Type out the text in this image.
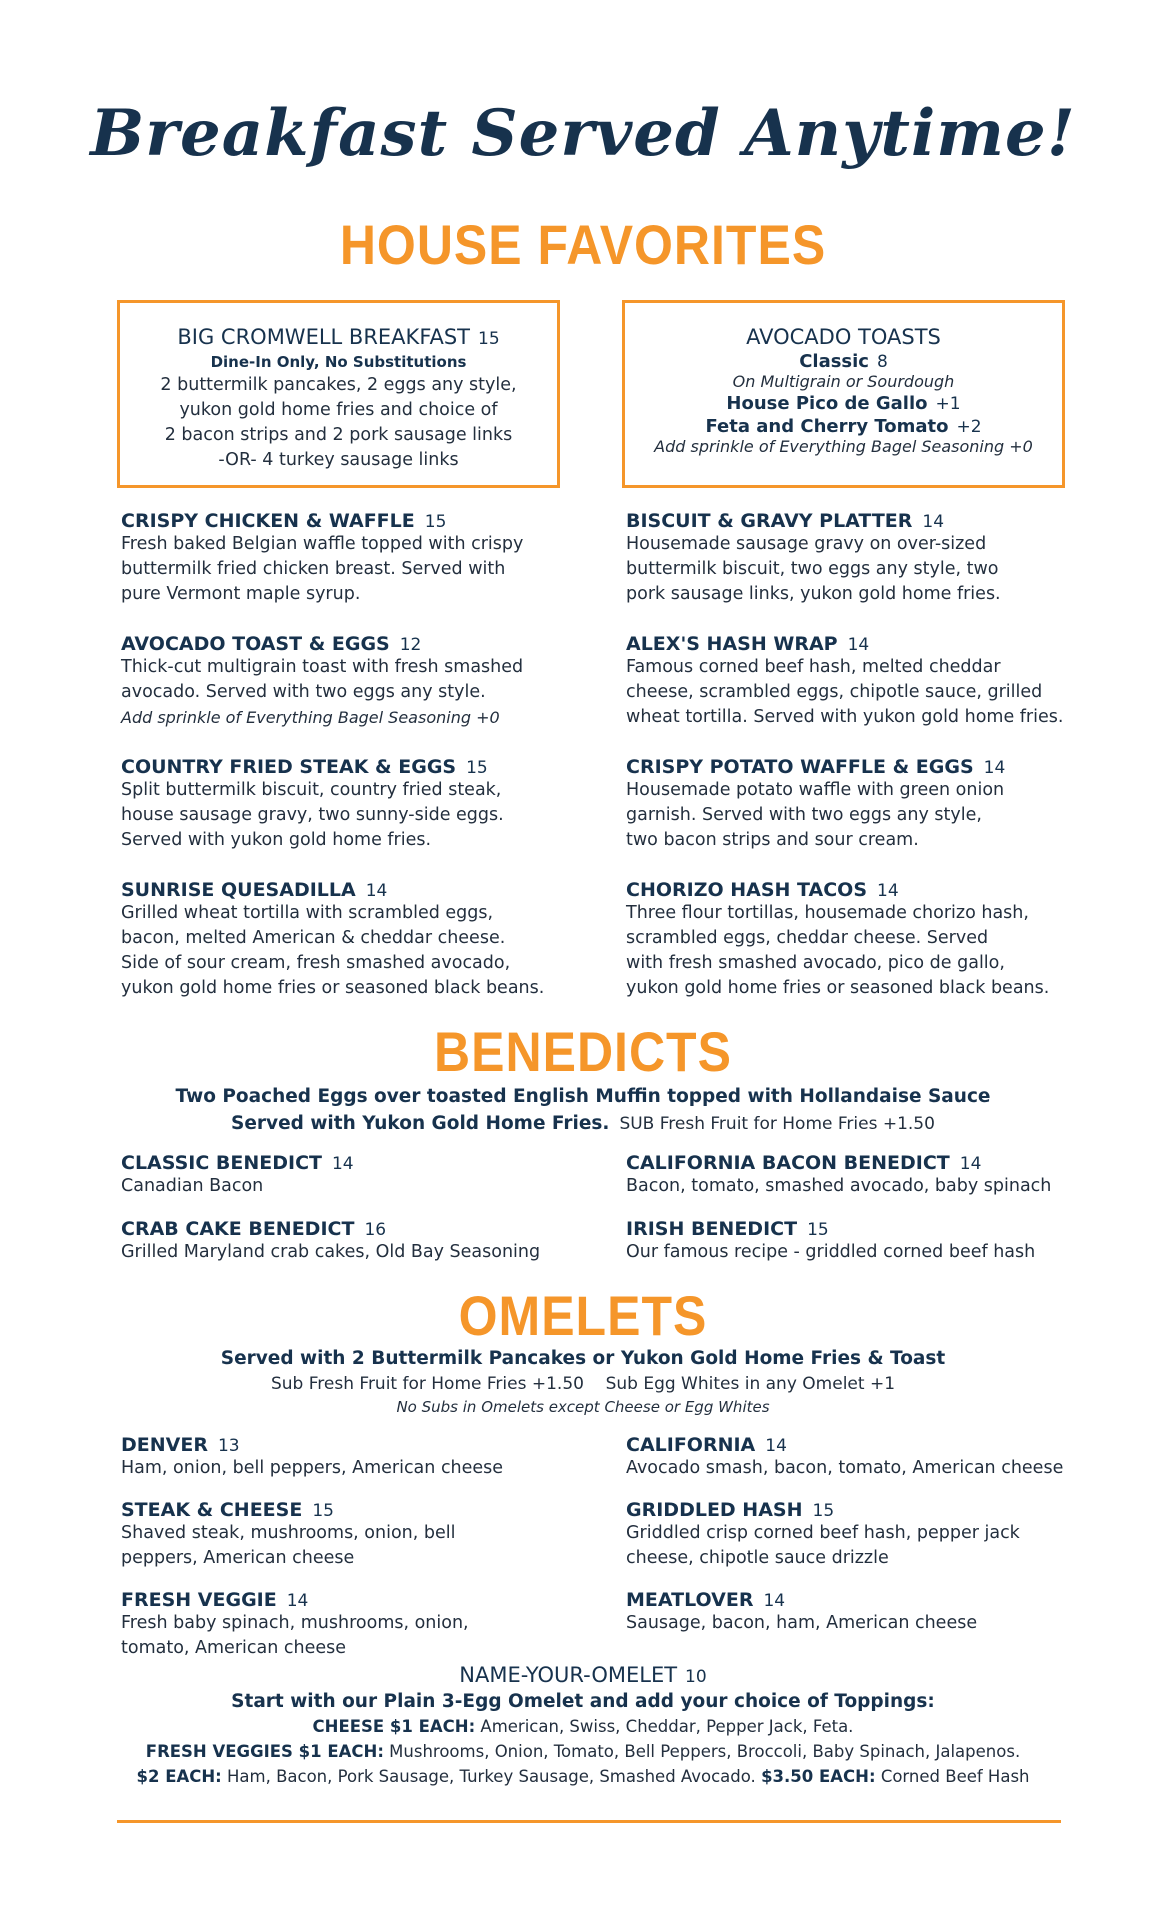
Breakfast Served Anytime!
HOUSE FAVORITES
BIG CROMWELL BREAKFAST 15
Dine-In Only, No Substitutions
2 buttermilk pancakes, 2 eggs any style,
yukon gold home fries and choice of
2 bacon strips and 2 pork sausage links
-OR- 4 turkey sausage links
AVOCADO TOASTS
Classic 8
On Multigrain or Sourdough
House Pico de Gallo +1
Feta and Cherry Tomato +2
Add sprinkle of Everything Bagel Seasoning +0
CRISPY CHICKEN & WAFFLE 15
Fresh baked Belgian waffle topped with crispy
buttermilk fried chicken breast. Served with
pure Vermont maple syrup.
BISCUIT & GRAVY PLATTER 14
Housemade sausage gravy on over-sized
buttermilk biscuit, two eggs any style, two
pork sausage links, yukon gold home fries.
AVOCADO TOAST & EGGS 12
Thick-cut multigrain toast with fresh smashed
avocado. Served with two eggs any style.
Add sprinkle of Everything Bagel Seasoning +0
ALEX'S HASH WRAP 14
Famous corned beef hash, melted cheddar
cheese, scrambled eggs, chipotle sauce, grilled
wheat tortilla. Served with yukon gold home fries.
COUNTRY FRIED STEAK & EGGS 15
Split buttermilk biscuit, country fried steak,
house sausage gravy, two sunny-side eggs.
Served with yukon gold home fries.
CRISPY POTATO WAFFLE & EGGS 14
Housemade potato waffle with green onion
garnish. Served with two eggs any style,
two bacon strips and sour cream.
SUNRISE QUESADILLA 14
Grilled wheat tortilla with scrambled eggs,
bacon, melted American & cheddar cheese.
Side of sour cream, fresh smashed avocado,
yukon gold home fries or seasoned black beans.
CHORIZO HASH TACOS 14
Three flour tortillas, housemade chorizo hash,
scrambled eggs, cheddar cheese. Served
with fresh smashed avocado, pico de gallo,
yukon gold home fries or seasoned black beans.
BENEDICTS
Two Poached Eggs over toasted English Muffin topped with Hollandaise Sauce
Served with Yukon Gold Home Fries. SUB Fresh Fruit for Home Fries +1.50
CLASSIC BENEDICT 14
Canadian Bacon
CALIFORNIA BACON BENEDICT 14
Bacon, tomato, smashed avocado, baby spinach
CRAB CAKE BENEDICT 16
Grilled Maryland crab cakes, Old Bay Seasoning
IRISH BENEDICT 15
Our famous recipe - griddled corned beef hash
OMELETS
Served with 2 Buttermilk Pancakes or Yukon Gold Home Fries & Toast
Sub Fresh Fruit for Home Fries +1.50    Sub Egg Whites in any Omelet +1
No Subs in Omelets except Cheese or Egg Whites
DENVER 13
Ham, onion, bell peppers, American cheese
CALIFORNIA 14
Avocado smash, bacon, tomato, American cheese
STEAK & CHEESE 15
Shaved steak, mushrooms, onion, bell
peppers, American cheese
GRIDDLED HASH 15
Griddled crisp corned beef hash, pepper jack
cheese, chipotle sauce drizzle
FRESH VEGGIE 14
Fresh baby spinach, mushrooms, onion,
tomato, American cheese
MEATLOVER 14
Sausage, bacon, ham, American cheese
NAME-YOUR-OMELET 10
Start with our Plain 3-Egg Omelet and add your choice of Toppings:
CHEESE $1 EACH: American, Swiss, Cheddar, Pepper Jack, Feta.
FRESH VEGGIES $1 EACH: Mushrooms, Onion, Tomato, Bell Peppers, Broccoli, Baby Spinach, Jalapenos.
$2 EACH: Ham, Bacon, Pork Sausage, Turkey Sausage, Smashed Avocado. $3.50 EACH: Corned Beef Hash
